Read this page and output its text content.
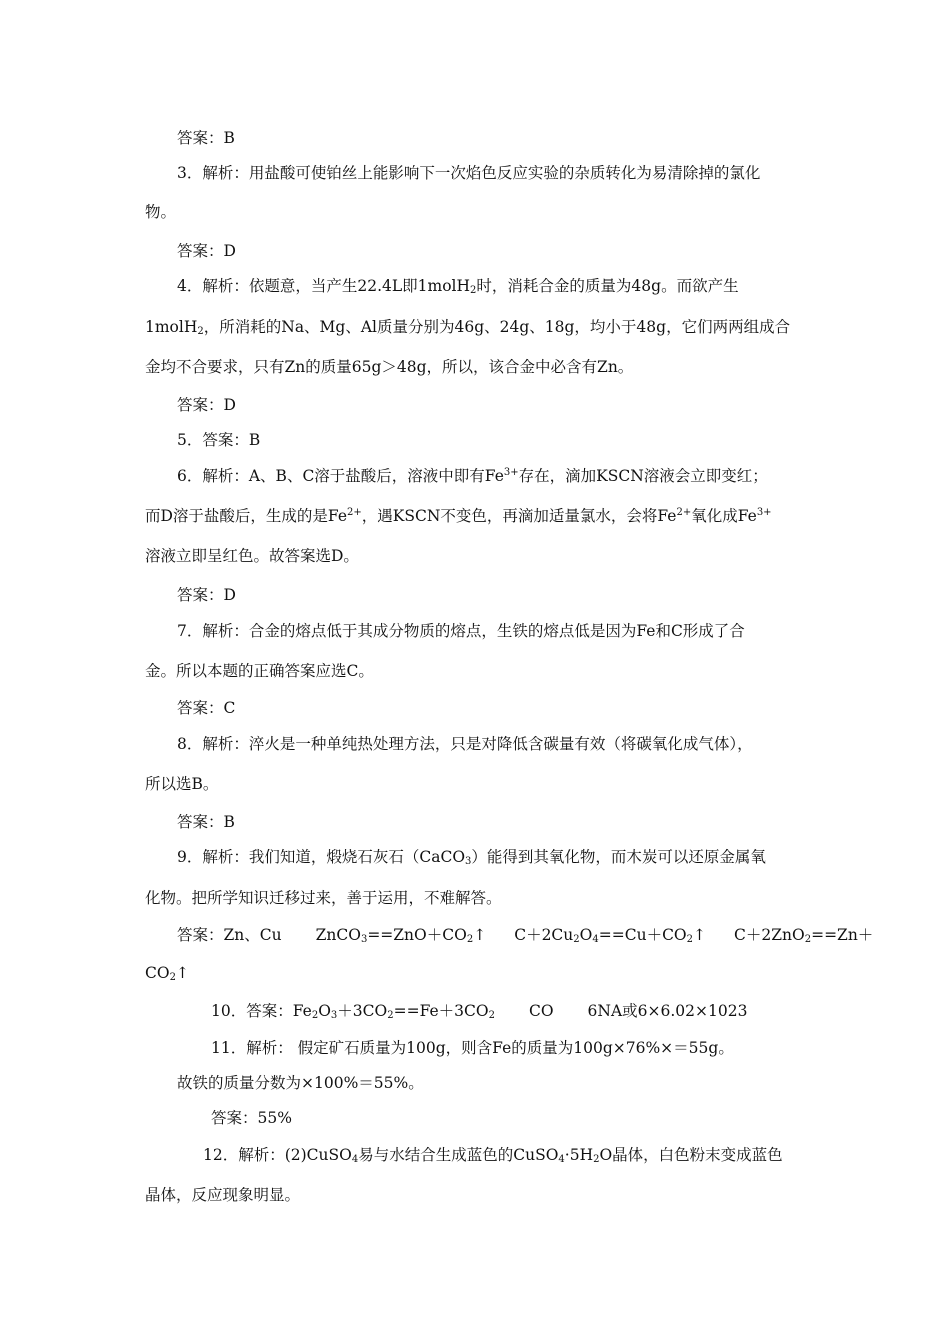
答案：B
3．解析：用盐酸可使铂丝上能影响下一次焰色反应实验的杂质转化为易清除掉的氯化
物。
答案：D
4．解析：依题意，当产生22.4L即1molH$_2$时，消耗合金的质量为48g。而欲产生
1molH$_2$，所消耗的Na、Mg、Al质量分别为46g、24g、18g，均小于48g，它们两两组成合
金均不合要求，只有Zn的质量65g＞48g，所以，该合金中必含有Zn。
答案：D
5．答案：B
6．解析：A、B、C溶于盐酸后，溶液中即有$Fe^{3+}$存在，滴加KSCN溶液会立即变红；
而D溶于盐酸后，生成的是$Fe^{2+}$，遇KSCN不变色，再滴加适量氯水，会将$Fe^{2+}$氧化成$Fe^{3+}$
溶液立即呈红色。故答案选D。
答案：D
7．解析：合金的熔点低于其成分物质的熔点，生铁的熔点低是因为Fe和C形成了合
金。所以本题的正确答案应选C。
答案：C
8．解析：淬火是一种单纯热处理方法，只是对降低含碳量有效（将碳氧化成气体），
所以选B。
答案：B
9．解析：我们知道，煅烧石灰石（CaCO$_3$）能得到其氧化物，而木炭可以还原金属氧
化物。把所学知识迁移过来，善于运用，不难解答。
答案：Zn、Cu $ZnCO_3==ZnO+CO_2↑$ $C+2Cu_2O_4==Cu+CO_2↑$ C＋2ZnO$_2$==Zn＋
$CO_2↑$
10．答案：$Fe_2O_3+3CO_2==Fe+3CO_2$ CO 6NA或6×6.02×1023
11．解析： 假定矿石质量为100g，则含Fe的质量为100g×76%×＝55g。
故铁的质量分数为×100%＝55%。
答案：55%
12．解析：(2)CuSO$_4$易与水结合生成蓝色的$CuSO_4\cdot 5H_2O$晶体，白色粉末变成蓝色
晶体，反应现象明显。
